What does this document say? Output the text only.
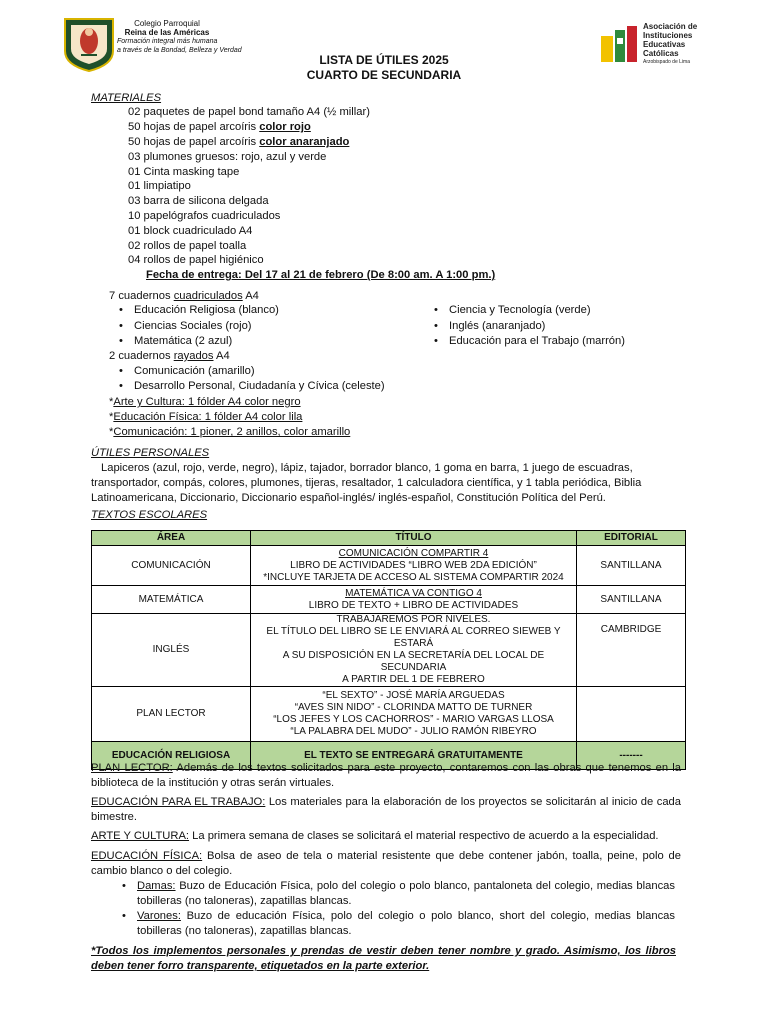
Colegio Parroquial
Reina de las Américas
Formación integral más humana
a través de la Bondad, Belleza y Verdad
LISTA DE ÚTILES 2025
CUARTO DE SECUNDARIA
Asociación de
Instituciones
Educativas
Católicas
Arzobispado de Lima
MATERIALES
02 paquetes de papel bond tamaño A4 (½ millar)
50 hojas de papel arcoíris color rojo
50 hojas de papel arcoíris color anaranjado
03 plumones gruesos: rojo, azul y verde
01 Cinta masking tape
01 limpiatipo
03 barra de silicona delgada
10 papelógrafos cuadriculados
01 block cuadriculado A4
02 rollos de papel toalla
04 rollos de papel higiénico
Fecha de entrega: Del 17 al 21 de febrero (De 8:00 am. A 1:00 pm.)
7 cuadernos cuadriculados A4
• Educación Religiosa (blanco)
• Ciencias Sociales (rojo)
• Matemática (2 azul)
• Ciencia y Tecnología (verde)
• Inglés (anaranjado)
• Educación para el Trabajo (marrón)
2 cuadernos rayados A4
• Comunicación (amarillo)
• Desarrollo Personal, Ciudadanía y Cívica (celeste)
*Arte y Cultura: 1 fólder A4 color negro
*Educación Física: 1 fólder A4 color lila
*Comunicación: 1 pioner, 2 anillos, color amarillo
ÚTILES PERSONALES
Lapiceros (azul, rojo, verde, negro), lápiz, tajador, borrador blanco, 1 goma en barra, 1 juego de escuadras,
transportador, compás, colores, plumones, tijeras, resaltador, 1 calculadora científica, y 1 tabla periódica, Biblia
Latinoamericana, Diccionario, Diccionario español-inglés/ inglés-español, Constitución Política del Perú.
TEXTOS ESCOLARES
ÁREA	TÍTULO	EDITORIAL
COMUNICACIÓN	COMUNICACIÓN COMPARTIR 4
LIBRO DE ACTIVIDADES “LIBRO WEB 2DA EDICIÓN”
*INCLUYE TARJETA DE ACCESO AL SISTEMA COMPARTIR 2024	SANTILLANA
MATEMÁTICA	MATEMÁTICA VA CONTIGO 4
LIBRO DE TEXTO + LIBRO DE ACTIVIDADES	SANTILLANA
INGLÉS	TRABAJAREMOS POR NIVELES.
EL TÍTULO DEL LIBRO SE LE ENVIARÁ AL CORREO SIEWEB Y ESTARÁ
A SU DISPOSICIÓN EN LA SECRETARÍA DEL LOCAL DE SECUNDARIA
A PARTIR DEL 1 DE FEBRERO	CAMBRIDGE
PLAN LECTOR	“EL SEXTO” - JOSÉ MARÍA ARGUEDAS
“AVES SIN NIDO” - CLORINDA MATTO DE TURNER
“LOS JEFES Y LOS CACHORROS” - MARIO VARGAS LLOSA
“LA PALABRA DEL MUDO” - JULIO RAMÓN RIBEYRO	

EDUCACIÓN RELIGIOSA	EL TEXTO SE ENTREGARÁ GRATUITAMENTE	-------
PLAN LECTOR: Además de los textos solicitados para este proyecto, contaremos con las obras que tenemos en la biblioteca de la institución y otras serán virtuales.
EDUCACIÓN PARA EL TRABAJO: Los materiales para la elaboración de los proyectos se solicitarán al inicio de cada bimestre.
ARTE Y CULTURA: La primera semana de clases se solicitará el material respectivo de acuerdo a la especialidad.
EDUCACIÓN FÍSICA: Bolsa de aseo de tela o material resistente que debe contener jabón, toalla, peine, polo de cambio blanco o del colegio.
• Damas: Buzo de Educación Física, polo del colegio o polo blanco, pantaloneta del colegio, medias blancas tobilleras (no taloneras), zapatillas blancas.
• Varones: Buzo de educación Física, polo del colegio o polo blanco, short del colegio, medias blancas tobilleras (no taloneras), zapatillas blancas.
*Todos los implementos personales y prendas de vestir deben tener nombre y grado. Asimismo, los libros deben tener forro transparente, etiquetados en la parte exterior.
